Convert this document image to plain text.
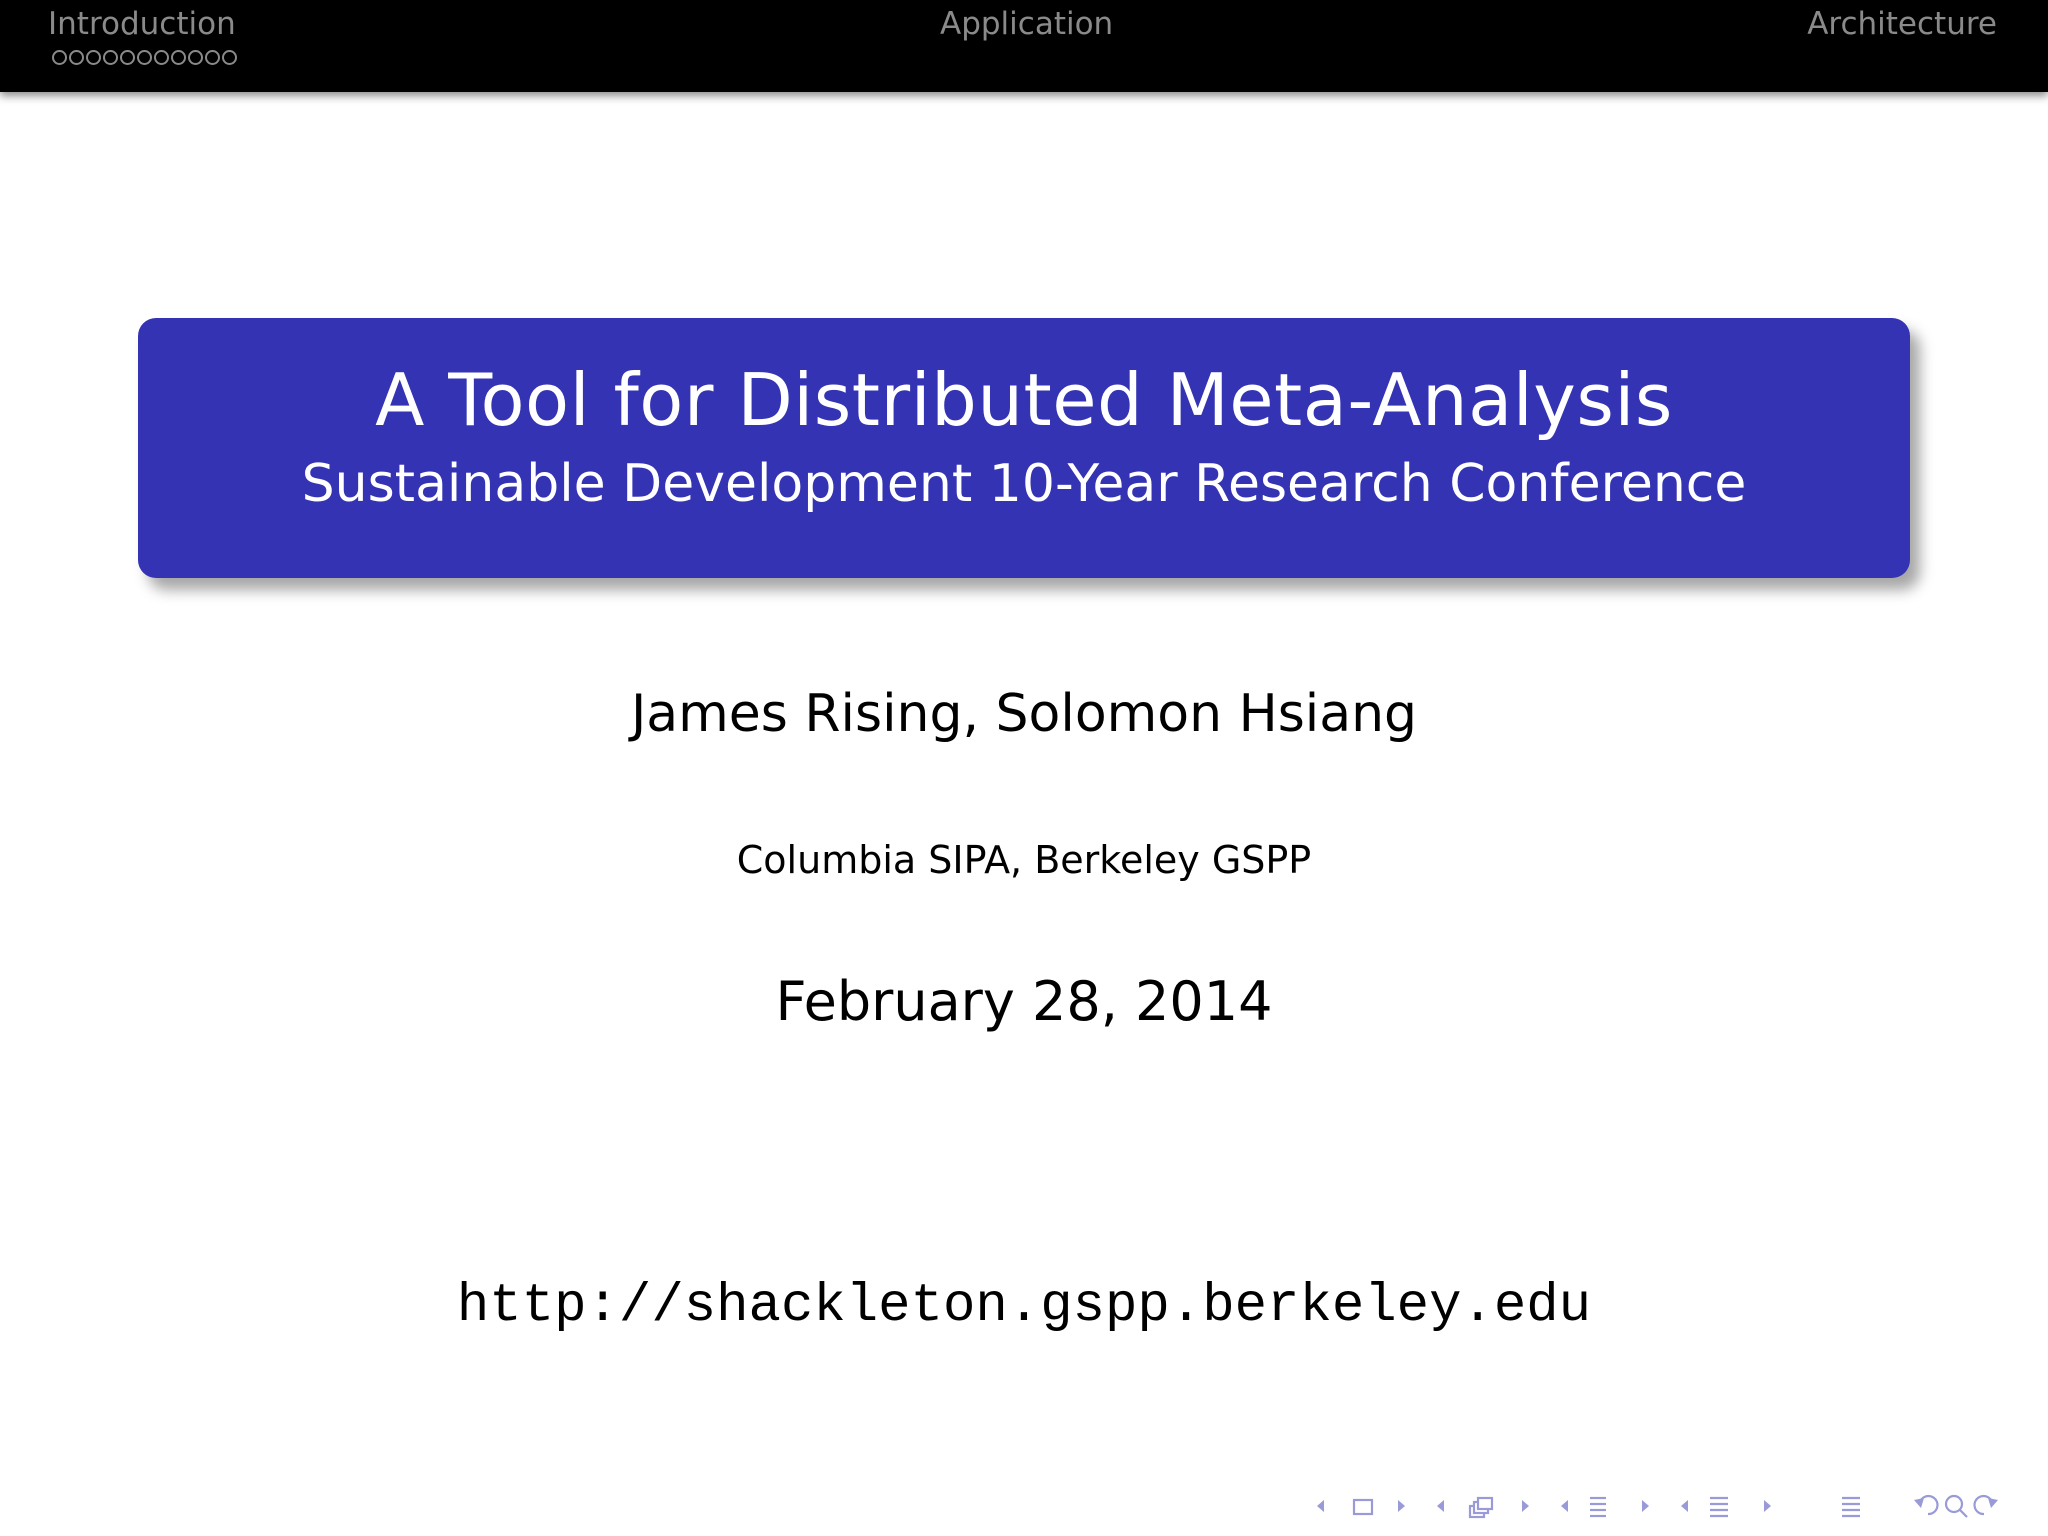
Introduction	Application	Architecture
A Tool for Distributed Meta-Analysis
Sustainable Development 10-Year Research Conference
James Rising, Solomon Hsiang
Columbia SIPA, Berkeley GSPP
February 28, 2014
http://shackleton.gspp.berkeley.edu
